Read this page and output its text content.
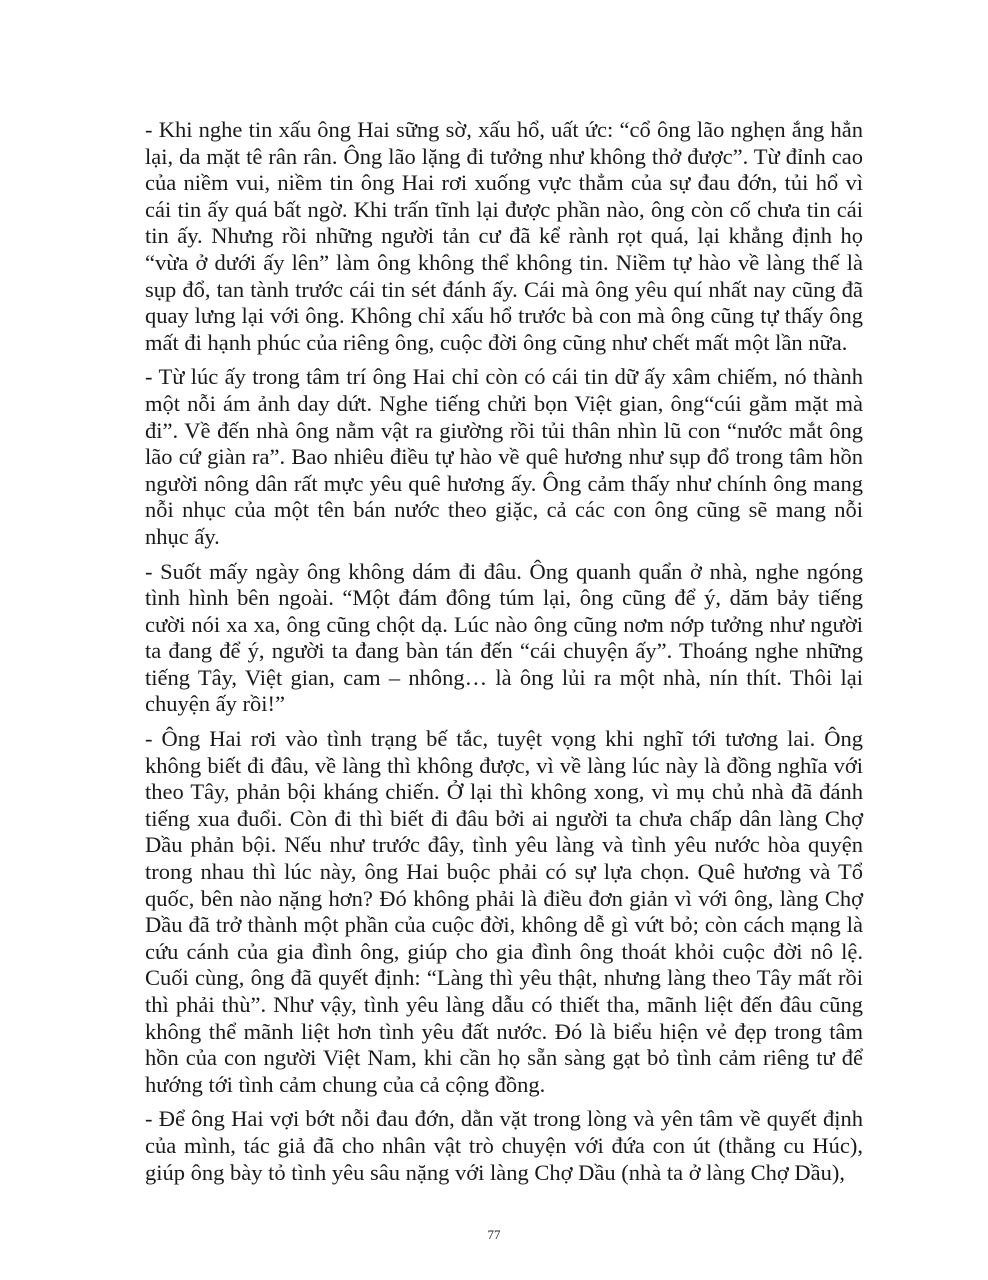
- Khi nghe tin xấu ông Hai sững sờ, xấu hổ, uất ức: “cổ ông lão nghẹn ắng hẳn lại, da mặt tê rân rân. Ông lão lặng đi tưởng như không thở được”. Từ đỉnh cao của niềm vui, niềm tin ông Hai rơi xuống vực thẳm của sự đau đớn, tủi hổ vì cái tin ấy quá bất ngờ. Khi trấn tĩnh lại được phần nào, ông còn cố chưa tin cái tin ấy. Nhưng rồi những người tản cư đã kể rành rọt quá, lại khẳng định họ “vừa ở dưới ấy lên” làm ông không thể không tin. Niềm tự hào về làng thế là sụp đổ, tan tành trước cái tin sét đánh ấy. Cái mà ông yêu quí nhất nay cũng đã quay lưng lại với ông. Không chỉ xấu hổ trước bà con mà ông cũng tự thấy ông mất đi hạnh phúc của riêng ông, cuộc đời ông cũng như chết mất một lần nữa.

- Từ lúc ấy trong tâm trí ông Hai chỉ còn có cái tin dữ ấy xâm chiếm, nó thành một nỗi ám ảnh day dứt. Nghe tiếng chửi bọn Việt gian, ông“cúi gằm mặt mà đi”. Về đến nhà ông nằm vật ra giường rồi tủi thân nhìn lũ con “nước mắt ông lão cứ giàn ra”. Bao nhiêu điều tự hào về quê hương như sụp đổ trong tâm hồn người nông dân rất mực yêu quê hương ấy. Ông cảm thấy như chính ông mang nỗi nhục của một tên bán nước theo giặc, cả các con ông cũng sẽ mang nỗi nhục ấy.

- Suốt mấy ngày ông không dám đi đâu. Ông quanh quẩn ở nhà, nghe ngóng tình hình bên ngoài. “Một đám đông túm lại, ông cũng để ý, dăm bảy tiếng cười nói xa xa, ông cũng chột dạ. Lúc nào ông cũng nơm nớp tưởng như người ta đang để ý, người ta đang bàn tán đến “cái chuyện ấy”. Thoáng nghe những tiếng Tây, Việt gian, cam – nhông… là ông lủi ra một nhà, nín thít. Thôi lại chuyện ấy rồi!”

- Ông Hai rơi vào tình trạng bế tắc, tuyệt vọng khi nghĩ tới tương lai. Ông không biết đi đâu, về làng thì không được, vì về làng lúc này là đồng nghĩa với theo Tây, phản bội kháng chiến. Ở lại thì không xong, vì mụ chủ nhà đã đánh tiếng xua đuổi. Còn đi thì biết đi đâu bởi ai người ta chưa chấp dân làng Chợ Dầu phản bội. Nếu như trước đây, tình yêu làng và tình yêu nước hòa quyện trong nhau thì lúc này, ông Hai buộc phải có sự lựa chọn. Quê hương và Tổ quốc, bên nào nặng hơn? Đó không phải là điều đơn giản vì với ông, làng Chợ Dầu đã trở thành một phần của cuộc đời, không dễ gì vứt bỏ; còn cách mạng là cứu cánh của gia đình ông, giúp cho gia đình ông thoát khỏi cuộc đời nô lệ. Cuối cùng, ông đã quyết định: “Làng thì yêu thật, nhưng làng theo Tây mất rồi thì phải thù”. Như vậy, tình yêu làng dẫu có thiết tha, mãnh liệt đến đâu cũng không thể mãnh liệt hơn tình yêu đất nước. Đó là biểu hiện vẻ đẹp trong tâm hồn của con người Việt Nam, khi cần họ sẵn sàng gạt bỏ tình cảm riêng tư để hướng tới tình cảm chung của cả cộng đồng.

- Để ông Hai vợi bớt nỗi đau đớn, dằn vặt trong lòng và yên tâm về quyết định của mình, tác giả đã cho nhân vật trò chuyện với đứa con út (thằng cu Húc), giúp ông bày tỏ tình yêu sâu nặng với làng Chợ Dầu (nhà ta ở làng Chợ Dầu),

77
